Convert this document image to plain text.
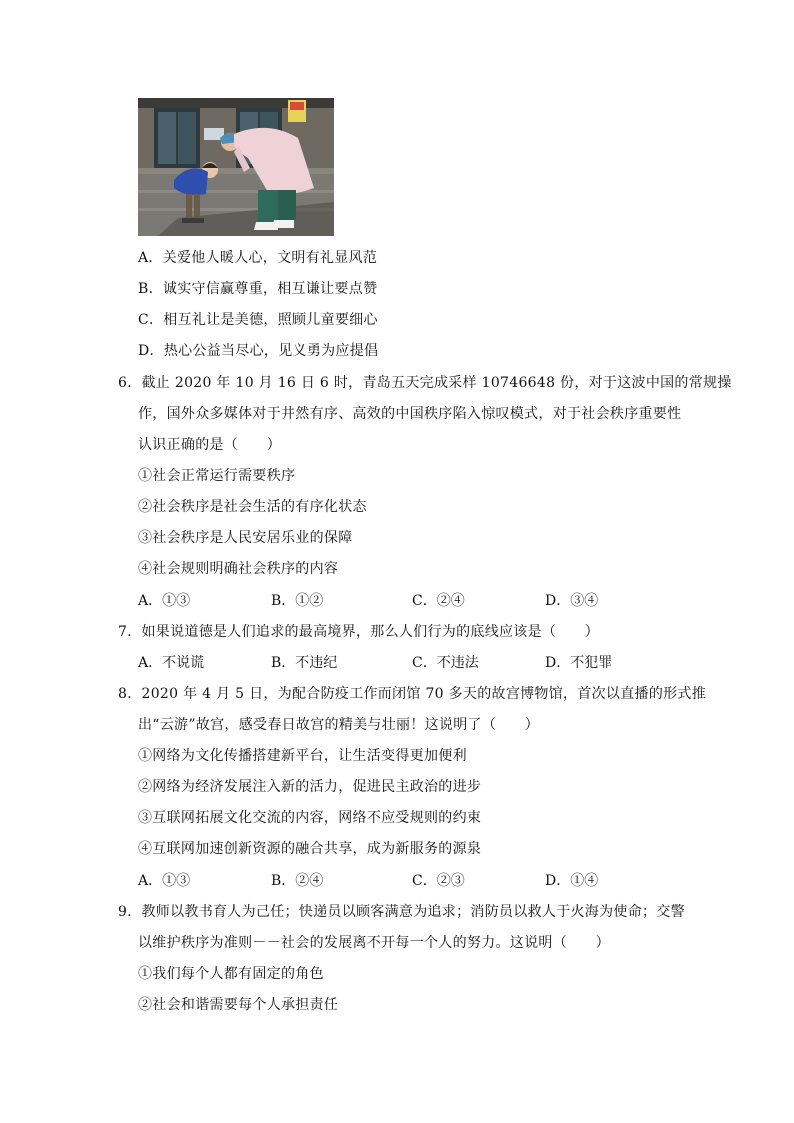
A．关爱他人暖人心，文明有礼显风范
B．诚实守信赢尊重，相互谦让要点赞
C．相互礼让是美德，照顾儿童要细心
D．热心公益当尽心，见义勇为应提倡
6．截止 2020 年 10 月 16 日 6 时，青岛五天完成采样 10746648 份，对于这波中国的常规操
作，国外众多媒体对于井然有序、高效的中国秩序陷入惊叹模式，对于社会秩序重要性
认识正确的是（　　）
①社会正常运行需要秩序
②社会秩序是社会生活的有序化状态
③社会秩序是人民安居乐业的保障
④社会规则明确社会秩序的内容
A．①③	B．①②	C．②④	D．③④
7．如果说道德是人们追求的最高境界，那么人们行为的底线应该是（　　）
A．不说谎	B．不违纪	C．不违法	D．不犯罪
8．2020 年 4 月 5 日，为配合防疫工作而闭馆 70 多天的故宫博物馆，首次以直播的形式推
出“云游”故宫，感受春日故宫的精美与壮丽！这说明了（　　）
①网络为文化传播搭建新平台，让生活变得更加便利
②网络为经济发展注入新的活力，促进民主政治的进步
③互联网拓展文化交流的内容，网络不应受规则的约束
④互联网加速创新资源的融合共享，成为新服务的源泉
A．①③	B．②④	C．②③	D．①④
9．教师以教书育人为己任；快递员以顾客满意为追求；消防员以救人于火海为使命；交警
以维护秩序为准则－－社会的发展离不开每一个人的努力。这说明（　　）
①我们每个人都有固定的角色
②社会和谐需要每个人承担责任
